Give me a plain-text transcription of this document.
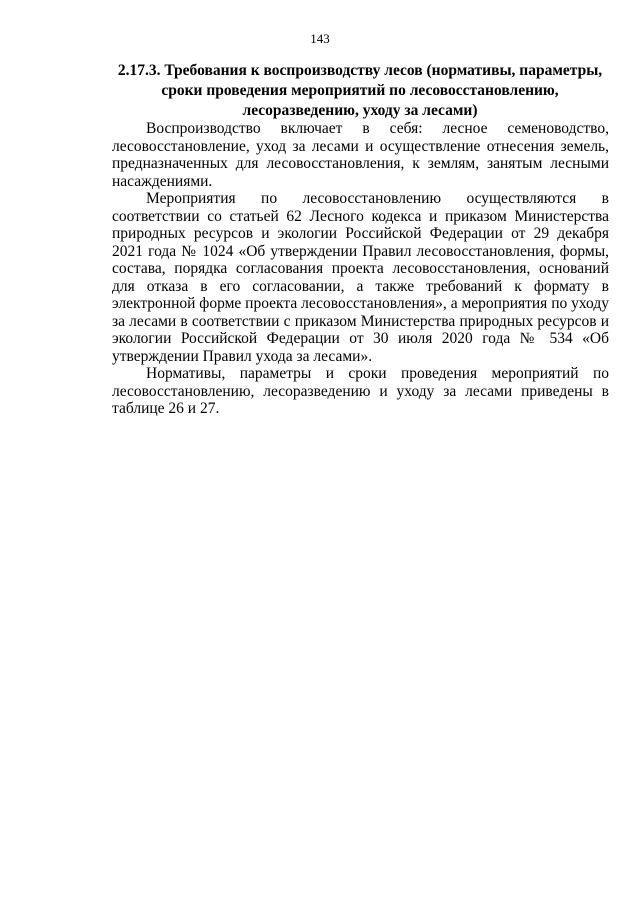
143
2.17.3. Требования к воспроизводству лесов (нормативы, параметры,
сроки проведения мероприятий по лесовосстановлению,
лесоразведению, уходу за лесами)

Воспроизводство включает в себя: лесное семеноводство, лесовосстановление, уход за лесами и осуществление отнесения земель, предназначенных для лесовосстановления, к землям, занятым лесными насаждениями.

Мероприятия по лесовосстановлению осуществляются в соответствии со статьей 62 Лесного кодекса и приказом Министерства природных ресурсов и экологии Российской Федерации от 29 декабря 2021 года № 1024 «Об утверждении Правил лесовосстановления, формы, состава, порядка согласования проекта лесовосстановления, оснований для отказа в его согласовании, а также требований к формату в электронной форме проекта лесовосстановления», а мероприятия по уходу за лесами в соответствии с приказом Министерства природных ресурсов и экологии Российской Федерации от 30 июля 2020 года № 534 «Об утверждении Правил ухода за лесами».

Нормативы, параметры и сроки проведения мероприятий по лесовосстановлению, лесоразведению и уходу за лесами приведены в таблице 26 и 27.
